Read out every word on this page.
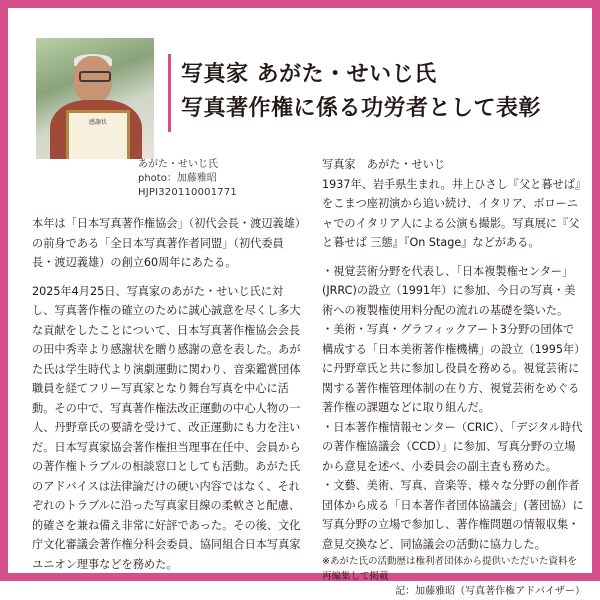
感謝状
あがた・せいじ氏
photo：加藤雅昭
HJPI320110001771
写真家 あがた・せいじ氏
写真著作権に係る功労者として表彰

本年は「日本写真著作権協会」（初代会長・渡辺義雄）の前身である「全日本写真著作者同盟」（初代委員長・渡辺義雄）の創立60周年にあたる。

2025年4月25日、写真家のあがた・せいじ氏に対し、写真著作権の確立のために誠心誠意を尽くし多大な貢献をしたことについて、日本写真著作権協会会長の田中秀幸より感謝状を贈り感謝の意を表した。あがた氏は学生時代より演劇運動に関わり、音楽鑑賞団体職員を経てフリー写真家となり舞台写真を中心に活動。その中で、写真著作権法改正運動の中心人物の一人、丹野章氏の要請を受けて、改正運動にも力を注いだ。日本写真家協会著作権担当理事在任中、会員からの著作権トラブルの相談窓口としても活動。あがた氏のアドバイスは法律論だけの硬い内容ではなく、それぞれのトラブルに沿った写真家目線の柔軟さと配慮、的確さを兼ね備え非常に好評であった。その後、文化庁文化審議会著作権分科会委員、協同組合日本写真家ユニオン理事などを務めた。

写真家　あがた・せいじ

1937年、岩手県生まれ。井上ひさし『父と暮せば』をこまつ座初演から追い続け、イタリア、ボローニャでのイタリア人による公演も撮影。写真展に『父と暮せば 三態』『On Stage』などがある。

・視覚芸術分野を代表し、「日本複製権センター」(JRRC)の設立（1991年）に参加、今日の写真・美術への複製権使用料分配の流れの基礎を築いた。

・美術・写真・グラフィックアート3分野の団体で構成する「日本美術著作権機構」の設立（1995年）に丹野章氏と共に参加し役員を務める。視覚芸術に関する著作権管理体制の在り方、視覚芸術をめぐる著作権の課題などに取り組んだ。

・日本著作権情報センター（CRIC）、「デジタル時代の著作権協議会（CCD）」に参加、写真分野の立場から意見を述べ、小委員会の副主査も務めた。

・文藝、美術、写真、音楽等、様々な分野の創作者団体から成る「日本著作者団体協議会」(著団協）に写真分野の立場で参加し、著作権問題の情報収集・意見交換など、同協議会の活動に協力した。

※あがた氏の活動歴は権利者団体から提供いただいた資料を再編集して掲載

記：加藤雅昭（写真著作権アドバイザー）
